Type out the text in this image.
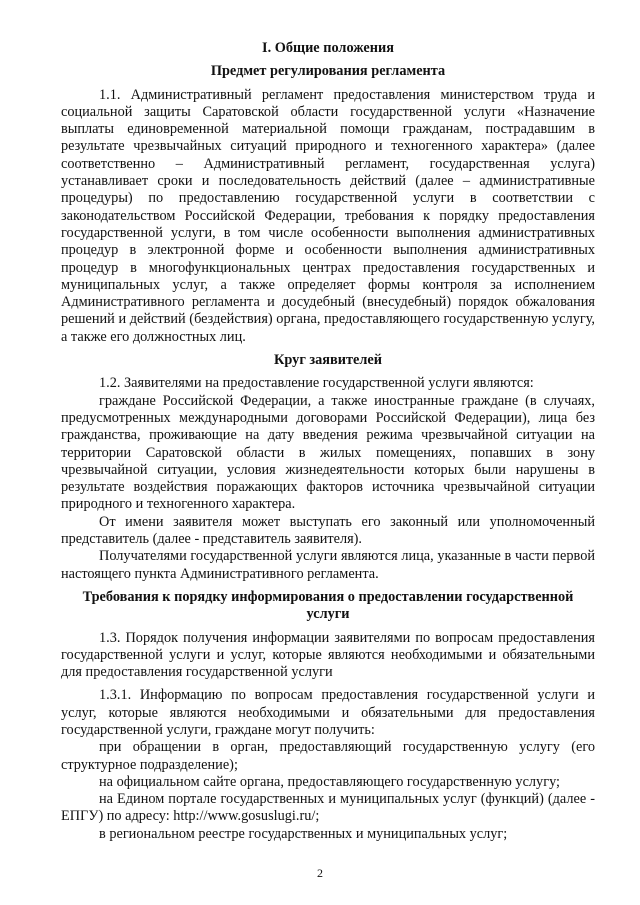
I. Общие положения

Предмет регулирования регламента

1.1. Административный регламент предоставления министерством труда и социальной защиты Саратовской области государственной услуги «Назначение выплаты единовременной материальной помощи гражданам, пострадавшим в результате чрезвычайных ситуаций природного и техногенного характера» (далее соответственно – Административный регламент, государственная услуга) устанавливает сроки и последовательность действий (далее – административные процедуры) по предоставлению государственной услуги в соответствии с законодательством Российской Федерации, требования к порядку предоставления государственной услуги, в том числе особенности выполнения административных процедур в электронной форме и особенности выполнения административных процедур в многофункциональных центрах предоставления государственных и муниципальных услуг, а также определяет формы контроля за исполнением Административного регламента и досудебный (внесудебный) порядок обжалования решений и действий (бездействия) органа, предоставляющего государственную услугу, а также его должностных лиц.

Круг заявителей

1.2. Заявителями на предоставление государственной услуги являются:

граждане Российской Федерации, а также иностранные граждане (в случаях, предусмотренных международными договорами Российской Федерации), лица без гражданства, проживающие на дату введения режима чрезвычайной ситуации на территории Саратовской области в жилых помещениях, попавших в зону чрезвычайной ситуации, условия жизнедеятельности которых были нарушены в результате воздействия поражающих факторов источника чрезвычайной ситуации природного и техногенного характера.

От имени заявителя может выступать его законный или уполномоченный представитель (далее - представитель заявителя).

Получателями государственной услуги являются лица, указанные в части первой настоящего пункта Административного регламента.

Требования к порядку информирования о предоставлении государственной услуги

1.3. Порядок получения информации заявителями по вопросам предоставления государственной услуги и услуг, которые являются необходимыми и обязательными для предоставления государственной услуги

1.3.1. Информацию по вопросам предоставления государственной услуги и услуг, которые являются необходимыми и обязательными для предоставления государственной услуги, граждане могут получить:

при обращении в орган, предоставляющий государственную услугу (его структурное подразделение);

на официальном сайте органа, предоставляющего государственную услугу;

на Едином портале государственных и муниципальных услуг (функций) (далее - ЕПГУ) по адресу: http://www.gosuslugi.ru/;

в региональном реестре государственных и муниципальных услуг;

2
